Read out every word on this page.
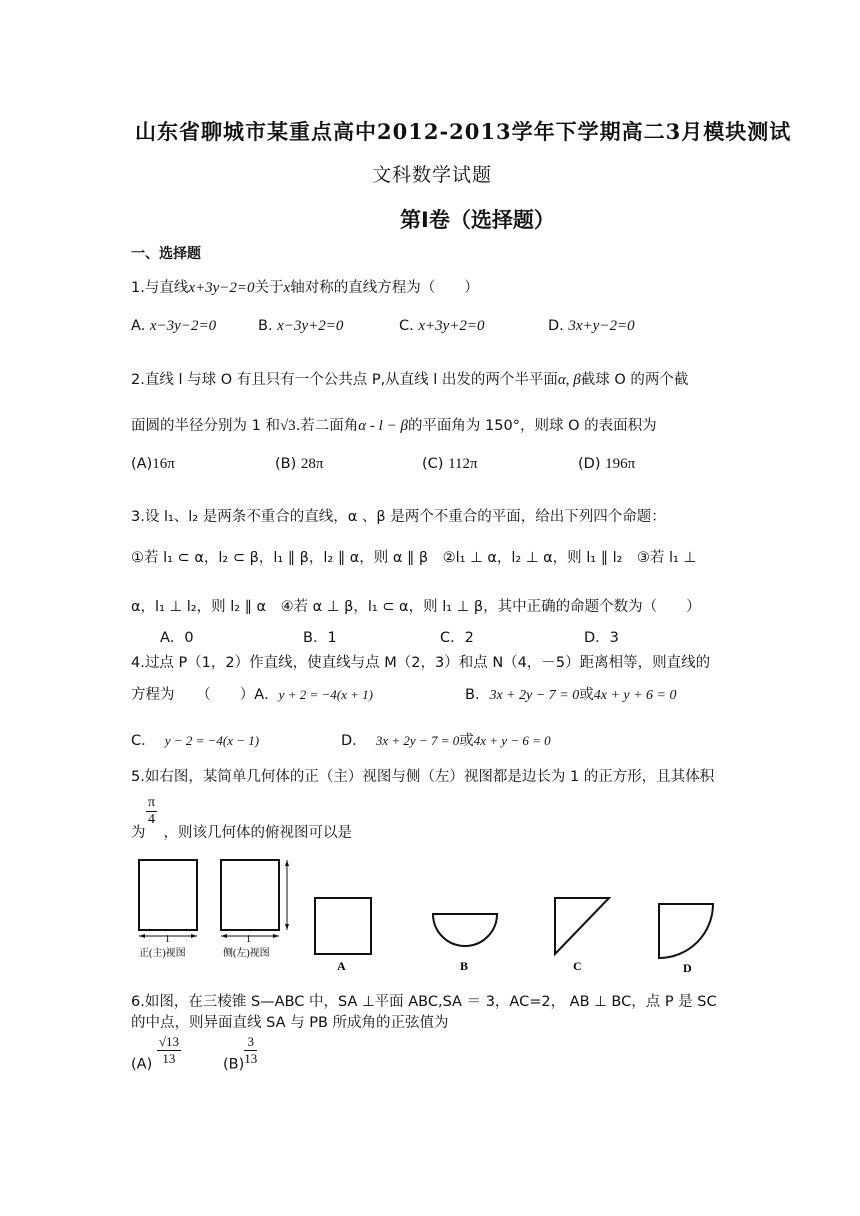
山东省聊城市某重点高中2012-2013学年下学期高二3月模块测试
文科数学试题
第Ⅰ卷（选择题）
一、选择题
1.与直线x+3y−2=0关于x轴对称的直线方程为（　　）
A. x−3y−2=0	B. x−3y+2=0	C. x+3y+2=0	D. 3x+y−2=0
2.直线 l 与球 O 有且只有一个公共点 P,从直线 l 出发的两个半平面α, β截球 O 的两个截
面圆的半径分别为 1 和√3.若二面角α - l − β的平面角为 150°，则球 O 的表面积为
(A)16π	(B) 28π	(C) 112π	(D) 196π
3.设 l₁、l₂ 是两条不重合的直线，α 、β 是两个不重合的平面，给出下列四个命题：
①若 l₁ ⊂ α，l₂ ⊂ β，l₁ ∥ β，l₂ ∥ α，则 α ∥ β　②l₁ ⊥ α，l₂ ⊥ α，则 l₁ ∥ l₂　③若 l₁ ⊥
α，l₁ ⊥ l₂，则 l₂ ∥ α　④若 α ⊥ β，l₁ ⊂ α，则 l₁ ⊥ β，其中正确的命题个数为（　　）
A．0	B．1	C．2	D．3
4.过点 P（1，2）作直线，使直线与点 M（2，3）和点 N（4，－5）距离相等，则直线的
方程为　　（　　）A．y + 2 = −4(x + 1)	B．3x + 2y − 7 = 0或4x + y + 6 = 0
C． y − 2 = −4(x − 1)	D． 3x + 2y − 7 = 0或4x + y − 6 = 0
5.如右图，某简单几何体的正（主）视图与侧（左）视图都是边长为 1 的正方形，且其体积
$\frac{\pi}{4}$
为 ，则该几何体的俯视图可以是
1
正(主)视图
1
侧(左)视图
A	B	C	D
6.如图，在三棱锥 S—ABC 中，SA ⊥平面 ABC,SA ＝ 3，AC=2， AB ⊥ BC，点 P 是 SC
的中点，则异面直线 SA 与 PB 所成角的正弦值为
$(A) \frac{√13}{13}$	$(B) \frac{3}{13}$
